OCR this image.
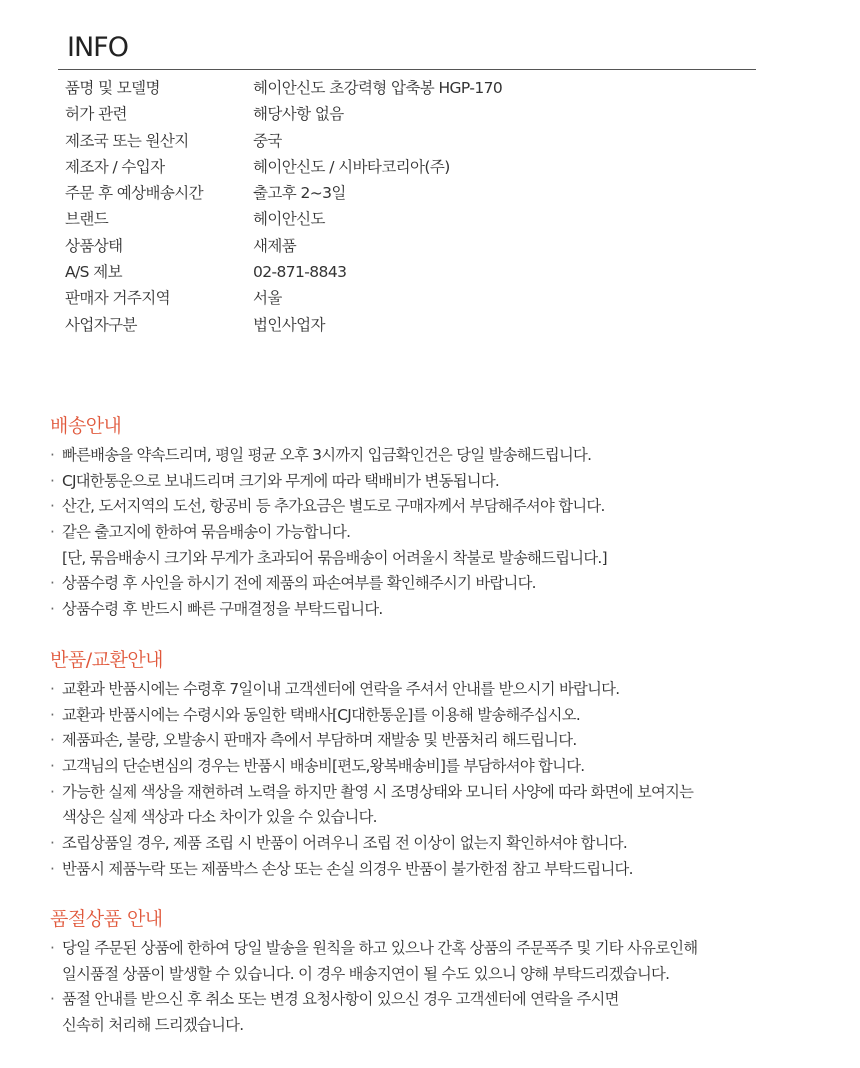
INFO
품명 및 모델명	헤이안신도 초강력형 압축봉 HGP-170
허가 관련	해당사항 없음
제조국 또는 원산지	중국
제조자 / 수입자	헤이안신도 / 시바타코리아(주)
주문 후 예상배송시간	출고후 2~3일
브랜드	헤이안신도
상품상태	새제품
A/S 제보	02-871-8843
판매자 거주지역	서울
사업자구분	법인사업자
배송안내
· 빠른배송을 약속드리며, 평일 평균 오후 3시까지 입금확인건은 당일 발송해드립니다.
· CJ대한통운으로 보내드리며 크기와 무게에 따라 택배비가 변동됩니다.
· 산간, 도서지역의 도선, 항공비 등 추가요금은 별도로 구매자께서 부담해주셔야 합니다.
· 같은 출고지에 한하여 묶음배송이 가능합니다.
[단, 묶음배송시 크기와 무게가 초과되어 묶음배송이 어려울시 착불로 발송해드립니다.]
· 상품수령 후 사인을 하시기 전에 제품의 파손여부를 확인해주시기 바랍니다.
· 상품수령 후 반드시 빠른 구매결정을 부탁드립니다.
반품/교환안내
· 교환과 반품시에는 수령후 7일이내 고객센터에 연락을 주셔서 안내를 받으시기 바랍니다.
· 교환과 반품시에는 수령시와 동일한 택배사[CJ대한통운]를 이용해 발송해주십시오.
· 제품파손, 불량, 오발송시 판매자 측에서 부담하며 재발송 및 반품처리 해드립니다.
· 고객님의 단순변심의 경우는 반품시 배송비[편도,왕복배송비]를 부담하셔야 합니다.
· 가능한 실제 색상을 재현하려 노력을 하지만 촬영 시 조명상태와 모니터 사양에 따라 화면에 보여지는
색상은 실제 색상과 다소 차이가 있을 수 있습니다.
· 조립상품일 경우, 제품 조립 시 반품이 어려우니 조립 전 이상이 없는지 확인하셔야 합니다.
· 반품시 제품누락 또는 제품박스 손상 또는 손실 의경우 반품이 불가한점 참고 부탁드립니다.
품절상품 안내
· 당일 주문된 상품에 한하여 당일 발송을 원칙을 하고 있으나 간혹 상품의 주문폭주 및 기타 사유로인해
일시품절 상품이 발생할 수 있습니다. 이 경우 배송지연이 될 수도 있으니 양해 부탁드리겠습니다.
· 품절 안내를 받으신 후 취소 또는 변경 요청사항이 있으신 경우 고객센터에 연락을 주시면
신속히 처리해 드리겠습니다.
